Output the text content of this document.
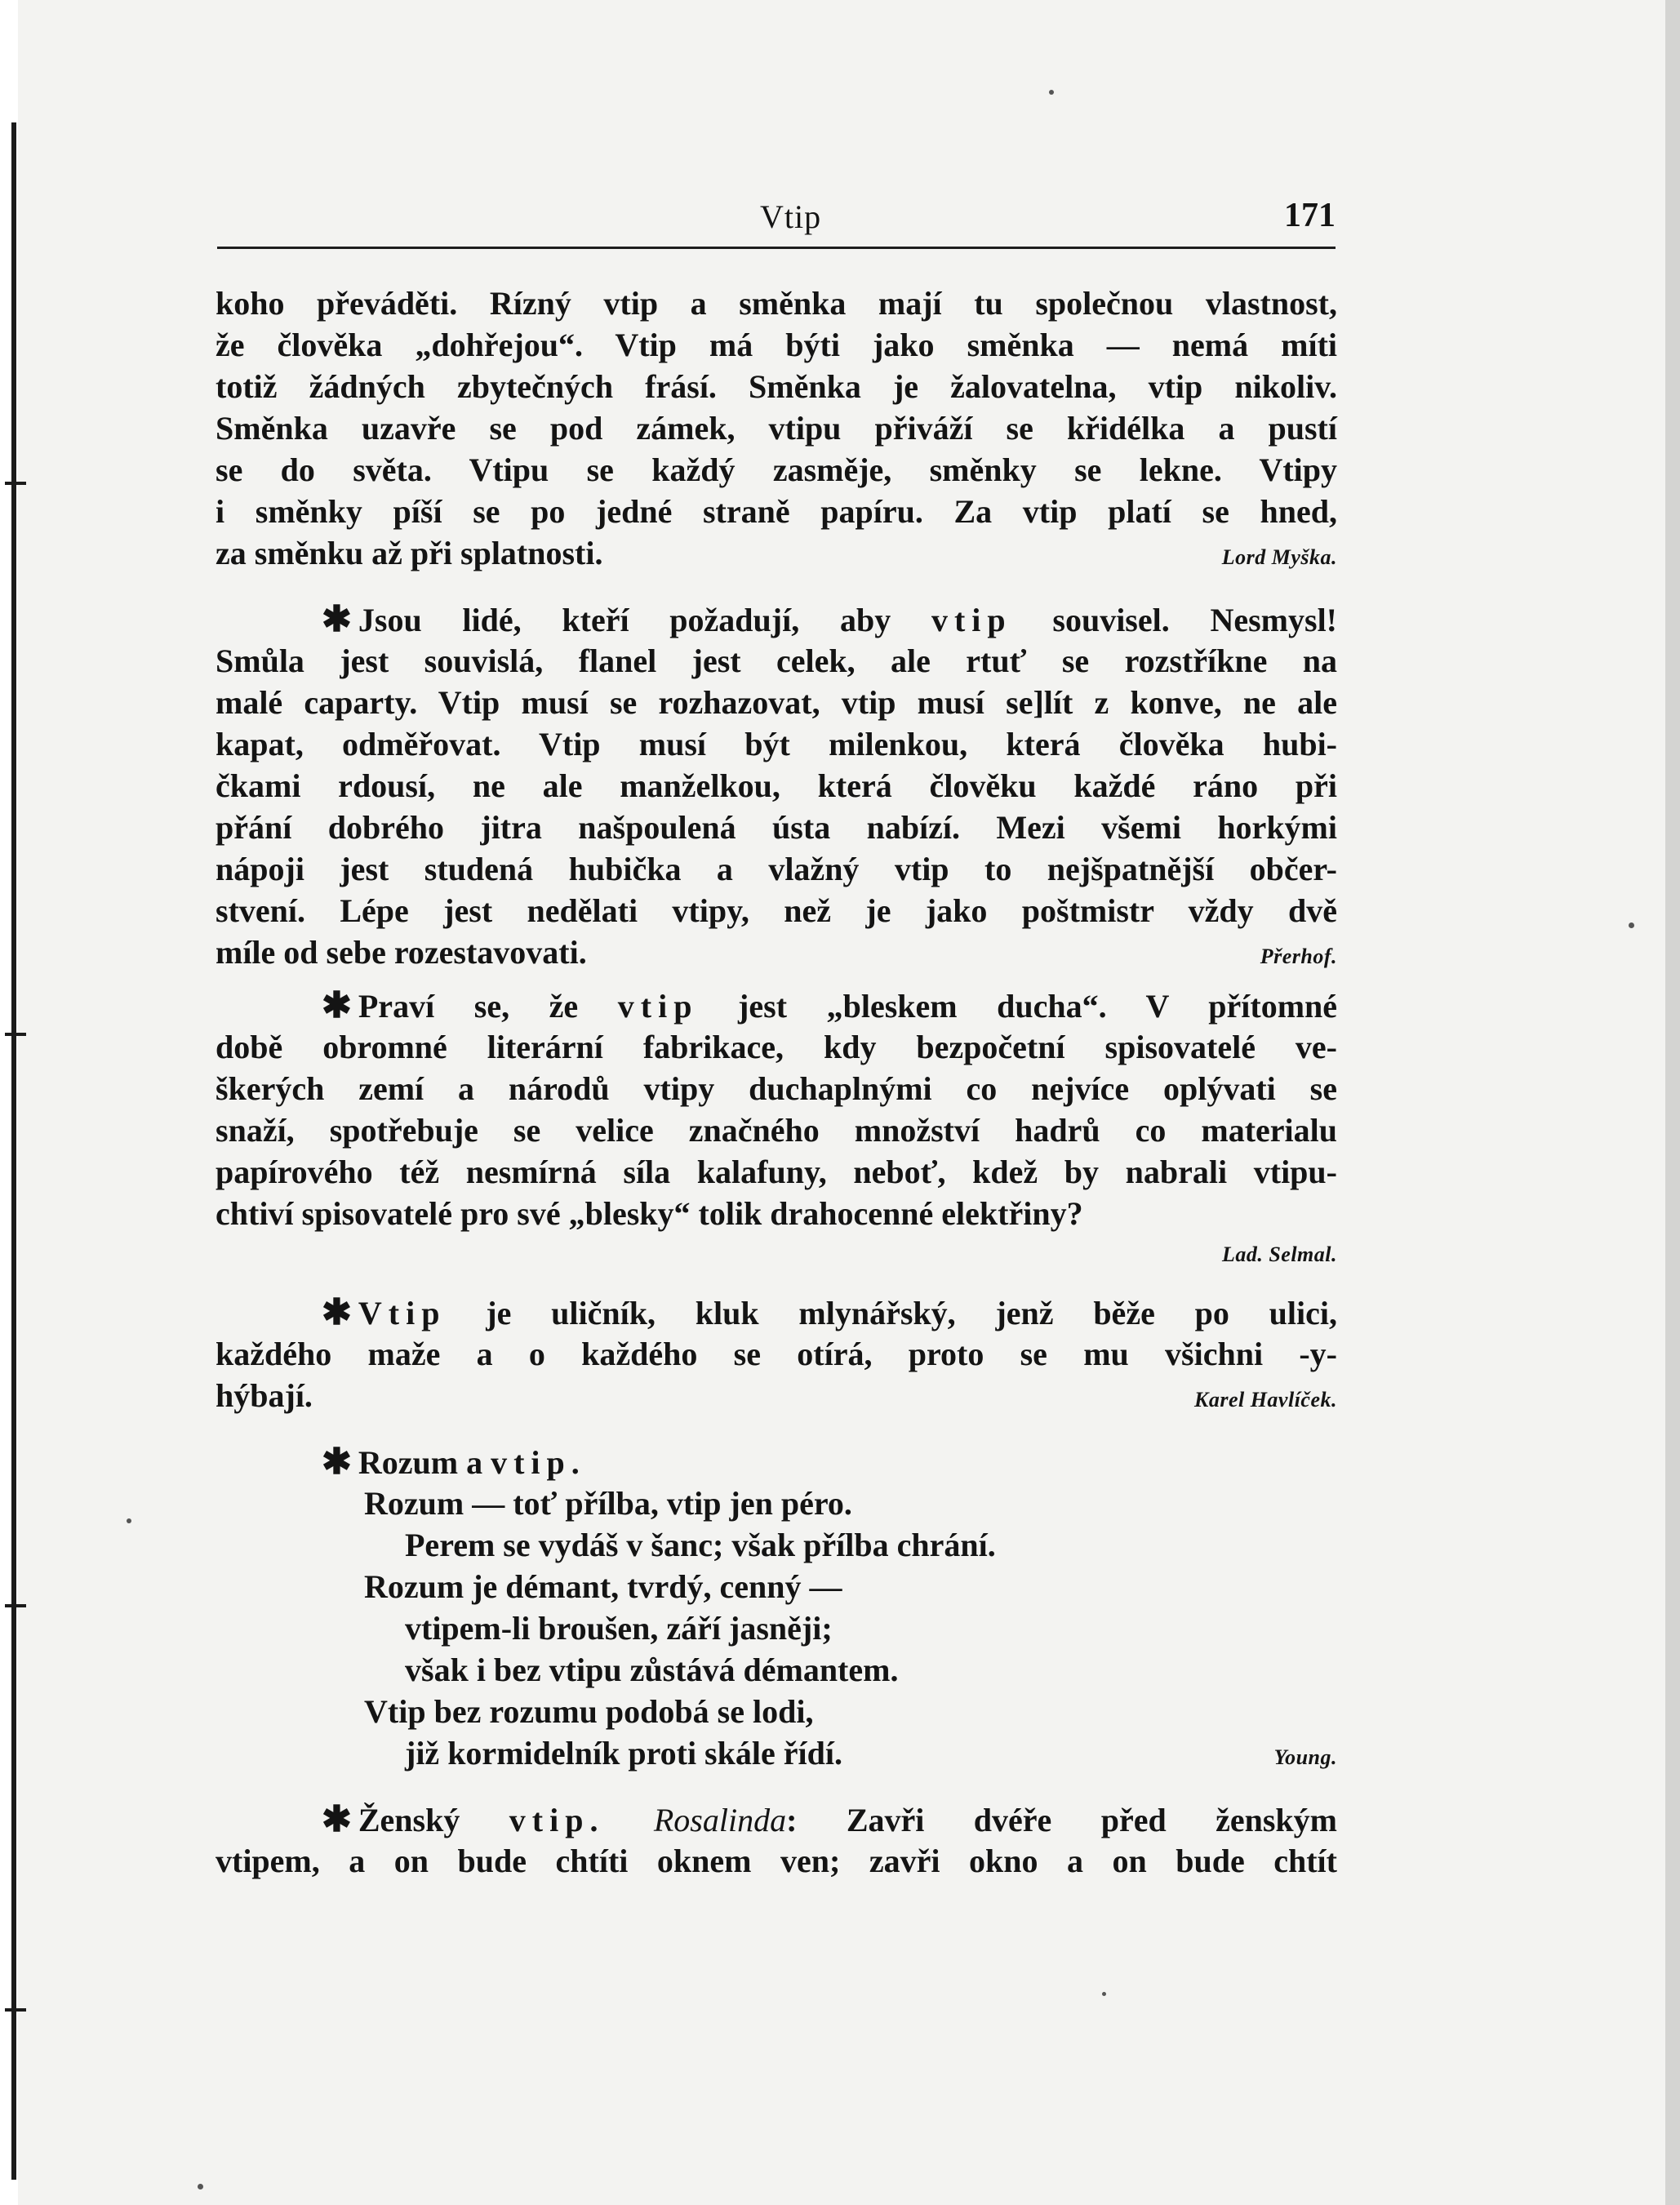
Vtip	171
koho převáděti. Rízný vtip a směnka mají tu společnou vlastnost,
že člověka „dohřejou“. Vtip má býti jako směnka — nemá míti
totiž žádných zbytečných frásí. Směnka je žalovatelna, vtip nikoliv.
Směnka uzavře se pod zámek, vtipu přiváží se křidélka a pustí
se do světa. Vtipu se každý zasměje, směnky se lekne. Vtipy
i směnky píší se po jedné straně papíru. Za vtip platí se hned,
za směnku až při splatnosti.	Lord Myška.
✱ Jsou lidé, kteří požadují, aby vtip souvisel. Nesmysl!
Smůla jest souvislá, flanel jest celek, ale rtuť se rozstříkne na
malé caparty. Vtip musí se rozhazovat, vtip musí se]lít z konve, ne ale
kapat, odměřovat. Vtip musí být milenkou, která člověka hubi-
čkami rdousí, ne ale manželkou, která člověku každé ráno při
přání dobrého jitra našpoulená ústa nabízí. Mezi všemi horkými
nápoji jest studená hubička a vlažný vtip to nejšpatnější občer-
stvení. Lépe jest nedělati vtipy, než je jako poštmistr vždy dvě
míle od sebe rozestavovati.	Přerhof.
✱ Praví se, že vtip jest „bleskem ducha“. V přítomné
době obromné literární fabrikace, kdy bezpočetní spisovatelé ve-
škerých zemí a národů vtipy duchaplnými co nejvíce oplývati se
snaží, spotřebuje se velice značného množství hadrů co materialu
papírového též nesmírná síla kalafuny, neboť, kdež by nabrali vtipu-
chtiví spisovatelé pro své „blesky“ tolik drahocenné elektřiny?
Lad. Selmal.
✱ Vtip je uličník, kluk mlynářský, jenž běže po ulici,
každého maže a o každého se otírá, proto se mu všichni -y-
hýbají.	Karel Havlíček.
✱ Rozum a vtip.
Rozum — toť přílba, vtip jen péro.
Perem se vydáš v šanc; však přílba chrání.
Rozum je démant, tvrdý, cenný —
vtipem-li broušen, září jasněji;
však i bez vtipu zůstává démantem.
Vtip bez rozumu podobá se lodi,
již kormidelník proti skále řídí.	Young.
✱ Ženský vtip. Rosalinda: Zavři dvéře před ženským
vtipem, a on bude chtíti oknem ven; zavři okno a on bude chtít
